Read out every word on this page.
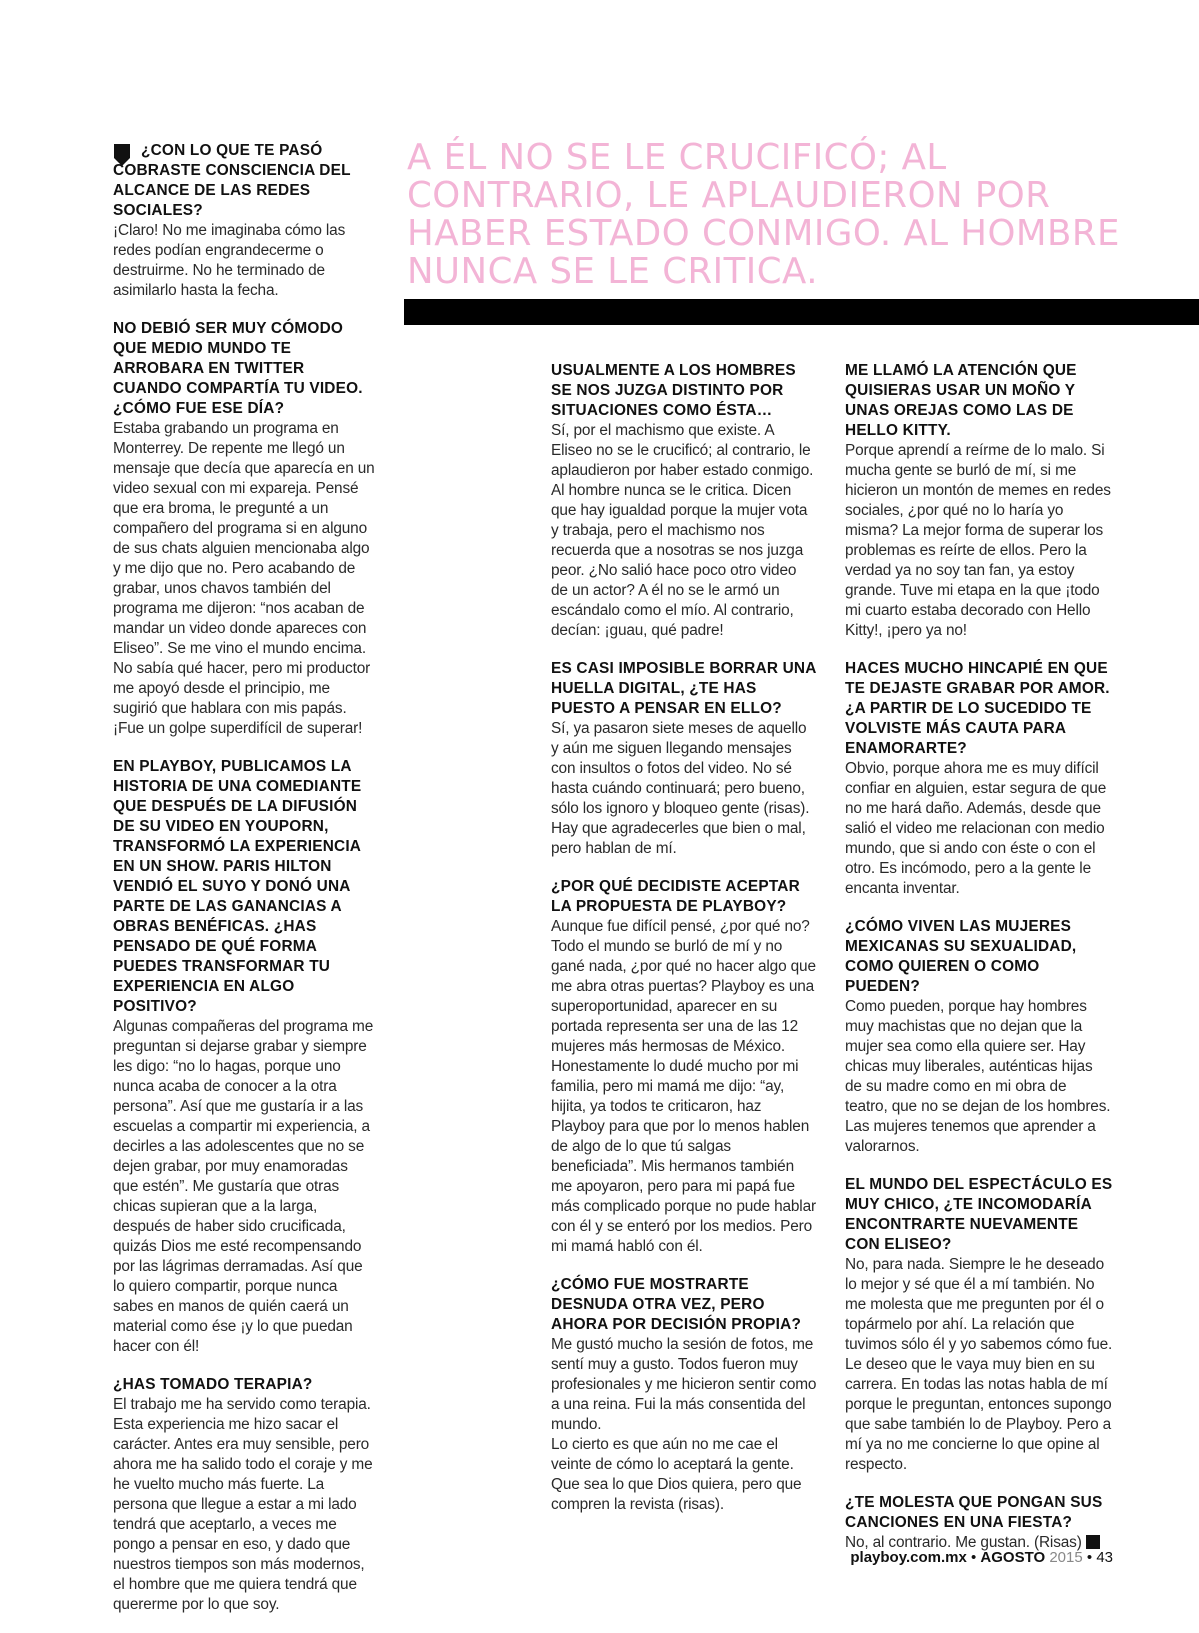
A ÉL NO SE LE CRUCIFICÓ; AL CONTRARIO, LE APLAUDIERON POR HABER ESTADO CONMIGO. AL HOMBRE NUNCA SE LE CRITICA.

¿CON LO QUE TE PASÓ COBRASTE CONSCIENCIA DEL ALCANCE DE LAS REDES SOCIALES?
¡Claro! No me imaginaba cómo las redes podían engrandecerme o destruirme. No he terminado de asimilarlo hasta la fecha.

NO DEBIÓ SER MUY CÓMODO QUE MEDIO MUNDO TE ARROBARA EN TWITTER CUANDO COMPARTÍA TU VIDEO. ¿CÓMO FUE ESE DÍA?
Estaba grabando un programa en Monterrey. De repente me llegó un mensaje que decía que aparecía en un video sexual con mi expareja. Pensé que era broma, le pregunté a un compañero del programa si en alguno de sus chats alguien mencionaba algo y me dijo que no. Pero acabando de grabar, unos chavos también del programa me dijeron: “nos acaban de mandar un video donde apareces con Eliseo”. Se me vino el mundo encima. No sabía qué hacer, pero mi productor me apoyó desde el principio, me sugirió que hablara con mis papás. ¡Fue un golpe superdifícil de superar!

EN PLAYBOY, PUBLICAMOS LA HISTORIA DE UNA COMEDIANTE QUE DESPUÉS DE LA DIFUSIÓN DE SU VIDEO EN YOUPORN, TRANSFORMÓ LA EXPERIENCIA EN UN SHOW. PARIS HILTON VENDIÓ EL SUYO Y DONÓ UNA PARTE DE LAS GANANCIAS A OBRAS BENÉFICAS. ¿HAS PENSADO DE QUÉ FORMA PUEDES TRANSFORMAR TU EXPERIENCIA EN ALGO POSITIVO?
Algunas compañeras del programa me preguntan si dejarse grabar y siempre les digo: “no lo hagas, porque uno nunca acaba de conocer a la otra persona”. Así que me gustaría ir a las escuelas a compartir mi experiencia, a decirles a las adolescentes que no se dejen grabar, por muy enamoradas que estén”. Me gustaría que otras chicas supieran que a la larga, después de haber sido crucificada, quizás Dios me esté recompensando por las lágrimas derramadas. Así que lo quiero compartir, porque nunca sabes en manos de quién caerá un material como ése ¡y lo que puedan hacer con él!

¿HAS TOMADO TERAPIA?
El trabajo me ha servido como terapia. Esta experiencia me hizo sacar el carácter. Antes era muy sensible, pero ahora me ha salido todo el coraje y me he vuelto mucho más fuerte. La persona que llegue a estar a mi lado tendrá que aceptarlo, a veces me pongo a pensar en eso, y dado que nuestros tiempos son más modernos, el hombre que me quiera tendrá que quererme por lo que soy.

USUALMENTE A LOS HOMBRES SE NOS JUZGA DISTINTO POR SITUACIONES COMO ÉSTA…
Sí, por el machismo que existe. A Eliseo no se le crucificó; al contrario, le aplaudieron por haber estado conmigo. Al hombre nunca se le critica. Dicen que hay igualdad porque la mujer vota y trabaja, pero el machismo nos recuerda que a nosotras se nos juzga peor. ¿No salió hace poco otro video de un actor? A él no se le armó un escándalo como el mío. Al contrario, decían: ¡guau, qué padre!

ES CASI IMPOSIBLE BORRAR UNA HUELLA DIGITAL, ¿TE HAS PUESTO A PENSAR EN ELLO?
Sí, ya pasaron siete meses de aquello y aún me siguen llegando mensajes con insultos o fotos del video. No sé hasta cuándo continuará; pero bueno, sólo los ignoro y bloqueo gente (risas). Hay que agradecerles que bien o mal, pero hablan de mí.

¿POR QUÉ DECIDISTE ACEPTAR LA PROPUESTA DE PLAYBOY?
Aunque fue difícil pensé, ¿por qué no? Todo el mundo se burló de mí y no gané nada, ¿por qué no hacer algo que me abra otras puertas? Playboy es una superoportunidad, aparecer en su portada representa ser una de las 12 mujeres más hermosas de México. Honestamente lo dudé mucho por mi familia, pero mi mamá me dijo: “ay, hijita, ya todos te criticaron, haz Playboy para que por lo menos hablen de algo de lo que tú salgas beneficiada”. Mis hermanos también me apoyaron, pero para mi papá fue más complicado porque no pude hablar con él y se enteró por los medios. Pero mi mamá habló con él.

¿CÓMO FUE MOSTRARTE DESNUDA OTRA VEZ, PERO AHORA POR DECISIÓN PROPIA?
Me gustó mucho la sesión de fotos, me sentí muy a gusto. Todos fueron muy profesionales y me hicieron sentir como a una reina. Fui la más consentida del mundo.
Lo cierto es que aún no me cae el veinte de cómo lo aceptará la gente. Que sea lo que Dios quiera, pero que compren la revista (risas).

ME LLAMÓ LA ATENCIÓN QUE QUISIERAS USAR UN MOÑO Y UNAS OREJAS COMO LAS DE HELLO KITTY.
Porque aprendí a reírme de lo malo. Si mucha gente se burló de mí, si me hicieron un montón de memes en redes sociales, ¿por qué no lo haría yo misma? La mejor forma de superar los problemas es reírte de ellos. Pero la verdad ya no soy tan fan, ya estoy grande. Tuve mi etapa en la que ¡todo mi cuarto estaba decorado con Hello Kitty!, ¡pero ya no!

HACES MUCHO HINCAPIÉ EN QUE TE DEJASTE GRABAR POR AMOR. ¿A PARTIR DE LO SUCEDIDO TE VOLVISTE MÁS CAUTA PARA ENAMORARTE?
Obvio, porque ahora me es muy difícil confiar en alguien, estar segura de que no me hará daño. Además, desde que salió el video me relacionan con medio mundo, que si ando con éste o con el otro. Es incómodo, pero a la gente le encanta inventar.

¿CÓMO VIVEN LAS MUJERES MEXICANAS SU SEXUALIDAD, COMO QUIEREN O COMO PUEDEN?
Como pueden, porque hay hombres muy machistas que no dejan que la mujer sea como ella quiere ser. Hay chicas muy liberales, auténticas hijas de su madre como en mi obra de teatro, que no se dejan de los hombres. Las mujeres tenemos que aprender a valorarnos.

EL MUNDO DEL ESPECTÁCULO ES MUY CHICO, ¿TE INCOMODARÍA ENCONTRARTE NUEVAMENTE CON ELISEO?
No, para nada. Siempre le he deseado lo mejor y sé que él a mí también. No me molesta que me pregunten por él o topármelo por ahí. La relación que tuvimos sólo él y yo sabemos cómo fue. Le deseo que le vaya muy bien en su carrera. En todas las notas habla de mí porque le preguntan, entonces supongo que sabe también lo de Playboy. Pero a mí ya no me concierne lo que opine al respecto.

¿TE MOLESTA QUE PONGAN SUS CANCIONES EN UNA FIESTA?
No, al contrario. Me gustan. (Risas)

playboy.com.mx • AGOSTO 2015 • 43
